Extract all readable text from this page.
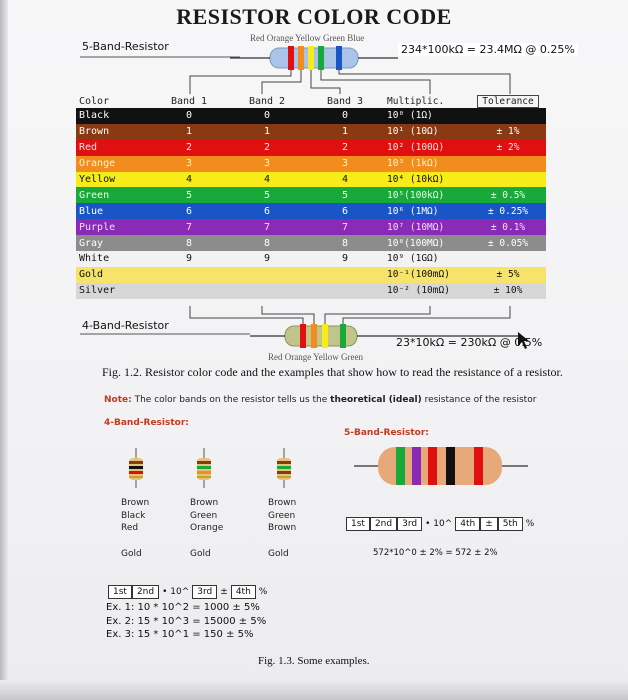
RESISTOR COLOR CODE
5-Band-Resistor
Red Orange Yellow Green Blue
234*100kΩ = 23.4MΩ @ 0.25%
Color	Band 1	Band 2	Band 3	Multiplic.	Tolerance
Black	0	0	0	10⁰ (1Ω)	
Brown	1	1	1	10¹ (10Ω)	± 1%
Red	2	2	2	10² (100Ω)	± 2%
Orange	3	3	3	10³ (1kΩ)	
Yellow	4	4	4	10⁴ (10kΩ)	
Green	5	5	5	10⁵(100kΩ)	± 0.5%
Blue	6	6	6	10⁶ (1MΩ)	± 0.25%
Purple	7	7	7	10⁷ (10MΩ)	± 0.1%
Gray	8	8	8	10⁸(100MΩ)	± 0.05%
White	9	9	9	10⁹ (1GΩ)	
Gold				10⁻¹(100mΩ)	± 5%
Silver				10⁻² (10mΩ)	± 10%
4-Band-Resistor
23*10kΩ = 230kΩ @ 0.5%
Red Orange Yellow Green
Fig. 1.2. Resistor color code and the examples that show how to read the resistance of a resistor.
Note: The color bands on the resistor tells us the theoretical (ideal) resistance of the resistor
4-Band-Resistor:
5-Band-Resistor:
Brown
Black
Red
Gold
Brown
Green
Orange
Gold
Brown
Green
Brown
Gold
1st	2nd	3rd • 10^ 4th	±	5th %
572*10^0 ± 2% = 572 ± 2%
1st	2nd • 10^ 3rd ± 4th %
Ex. 1: 10 * 10^2 = 1000 ± 5%
Ex. 2: 15 * 10^3 = 15000 ± 5%
Ex. 3: 15 * 10^1 = 150 ± 5%
Fig. 1.3. Some examples.
